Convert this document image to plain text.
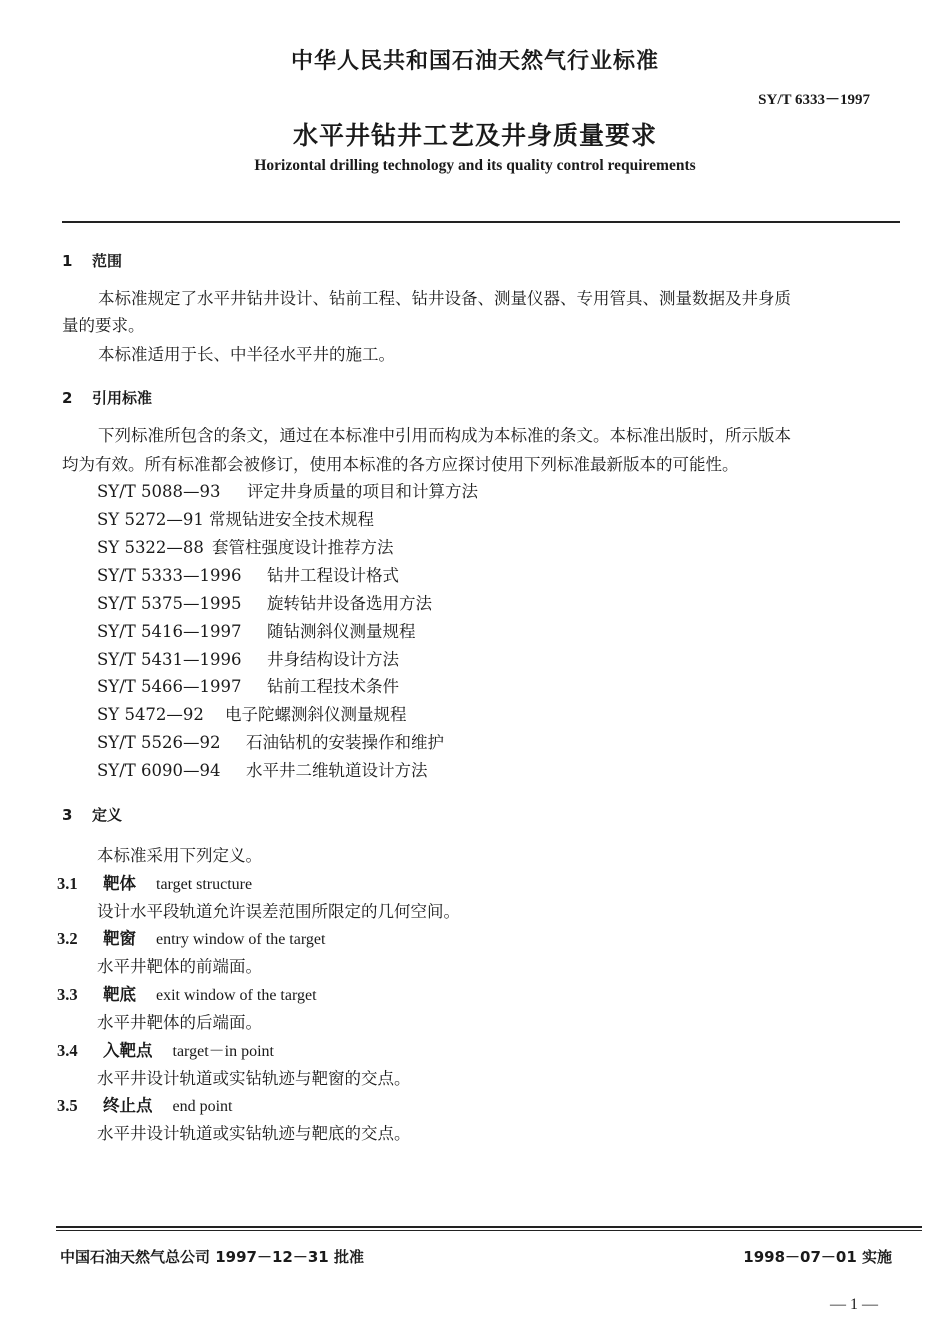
中华人民共和国石油天然气行业标准
SY/T 6333－1997
水平井钻井工艺及井身质量要求
Horizontal drilling technology and its quality control requirements
1 范围
本标准规定了水平井钻井设计、钻前工程、钻井设备、测量仪器、专用管具、测量数据及井身质
量的要求。
本标准适用于长、中半径水平井的施工。
2 引用标准
下列标准所包含的条文，通过在本标准中引用而构成为本标准的条文。本标准出版时，所示版本
均为有效。所有标准都会被修订，使用本标准的各方应探讨使用下列标准最新版本的可能性。
SY/T 5088—93 评定井身质量的项目和计算方法
SY 5272—91 常规钻进安全技术规程
SY 5322—88 套管柱强度设计推荐方法
SY/T 5333—1996 钻井工程设计格式
SY/T 5375—1995 旋转钻井设备选用方法
SY/T 5416—1997 随钻测斜仪测量规程
SY/T 5431—1996 井身结构设计方法
SY/T 5466—1997 钻前工程技术条件
SY 5472—92 电子陀螺测斜仪测量规程
SY/T 5526—92 石油钻机的安装操作和维护
SY/T 6090—94 水平井二维轨道设计方法
3 定义
本标准采用下列定义。
3.1 靶体 target structure
设计水平段轨道允许误差范围所限定的几何空间。
3.2 靶窗 entry window of the target
水平井靶体的前端面。
3.3 靶底 exit window of the target
水平井靶体的后端面。
3.4 入靶点 target－in point
水平井设计轨道或实钻轨迹与靶窗的交点。
3.5 终止点 end point
水平井设计轨道或实钻轨迹与靶底的交点。
中国石油天然气总公司 1997－12－31 批准	1998－07－01 实施
— 1 —
